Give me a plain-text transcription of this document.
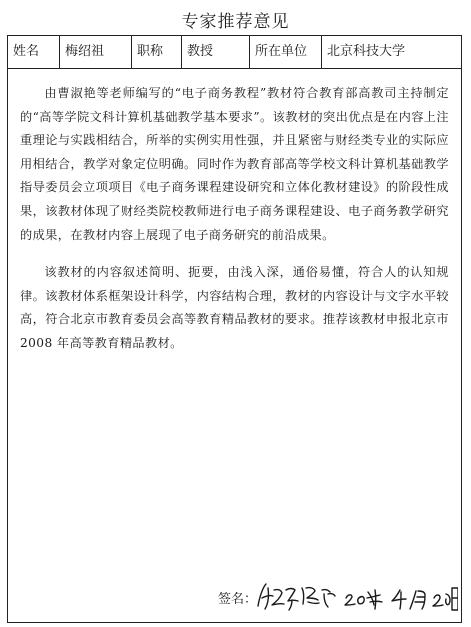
专家推荐意见
姓名	梅绍祖	职称	教授	所在单位	北京科技大学

由曹淑艳等老师编写的“电子商务教程”教材符合教育部高教司主持制定的“高等学院文科计算机基础教学基本要求”。该教材的突出优点是在内容上注重理论与实践相结合，所举的实例实用性强，并且紧密与财经类专业的实际应用相结合，教学对象定位明确。同时作为教育部高等学校文科计算机基础教学指导委员会立项项目《电子商务课程建设研究和立体化教材建设》的阶段性成果，该教材体现了财经类院校教师进行电子商务课程建设、电子商务教学研究的成果，在教材内容上展现了电子商务研究的前沿成果。

该教材的内容叙述简明、扼要，由浅入深，通俗易懂，符合人的认知规律。该教材体系框架设计科学，内容结构合理，教材的内容设计与文字水平较高，符合北京市教育委员会高等教育精品教材的要求。推荐该教材申报北京市 2008 年高等教育精品教材。

签名：
